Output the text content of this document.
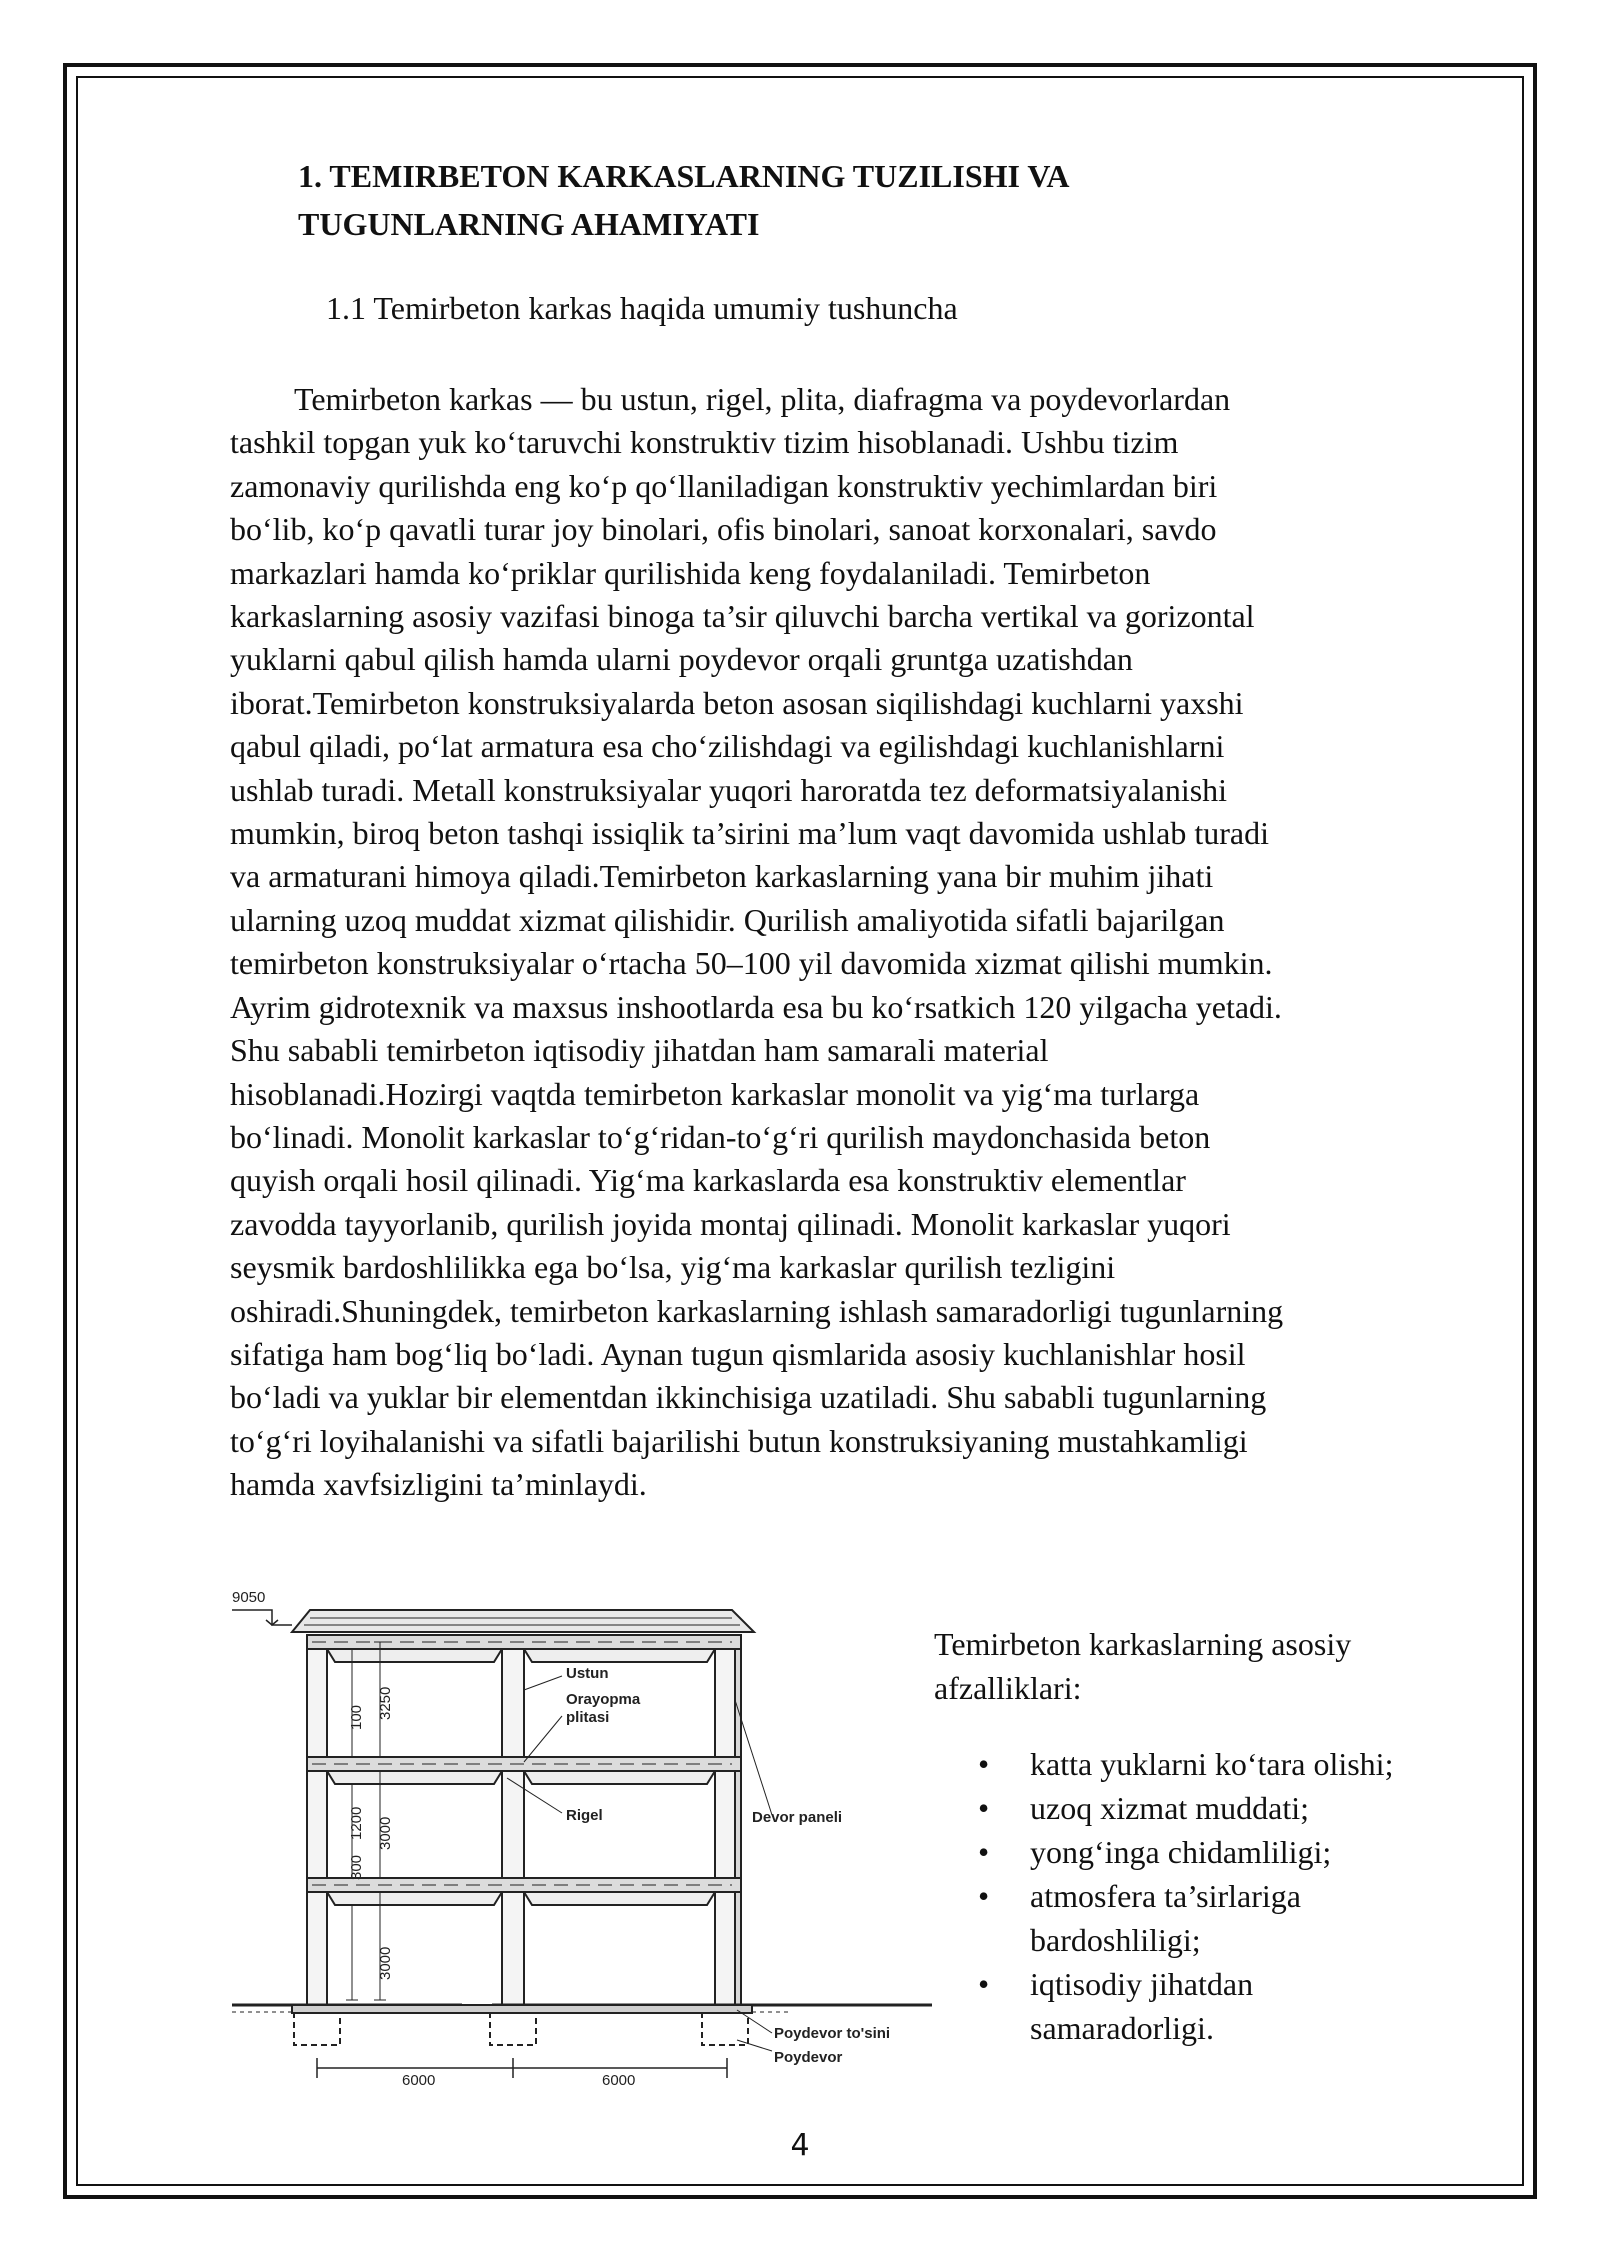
1. TEMIRBETON KARKASLARNING TUZILISHI VA
TUGUNLARNING AHAMIYATI

1.1 Temirbeton karkas haqida umumiy tushuncha

Temirbeton karkas — bu ustun, rigel, plita, diafragma va poydevorlardan
tashkil topgan yuk ko‘taruvchi konstruktiv tizim hisoblanadi. Ushbu tizim
zamonaviy qurilishda eng ko‘p qo‘llaniladigan konstruktiv yechimlardan biri
bo‘lib, ko‘p qavatli turar joy binolari, ofis binolari, sanoat korxonalari, savdo
markazlari hamda ko‘priklar qurilishida keng foydalaniladi. Temirbeton
karkaslarning asosiy vazifasi binoga ta’sir qiluvchi barcha vertikal va gorizontal
yuklarni qabul qilish hamda ularni poydevor orqali gruntga uzatishdan
iborat.Temirbeton konstruksiyalarda beton asosan siqilishdagi kuchlarni yaxshi
qabul qiladi, po‘lat armatura esa cho‘zilishdagi va egilishdagi kuchlanishlarni
ushlab turadi. Metall konstruksiyalar yuqori haroratda tez deformatsiyalanishi
mumkin, biroq beton tashqi issiqlik ta’sirini ma’lum vaqt davomida ushlab turadi
va armaturani himoya qiladi.Temirbeton karkaslarning yana bir muhim jihati
ularning uzoq muddat xizmat qilishidir. Qurilish amaliyotida sifatli bajarilgan
temirbeton konstruksiyalar o‘rtacha 50–100 yil davomida xizmat qilishi mumkin.
Ayrim gidrotexnik va maxsus inshootlarda esa bu ko‘rsatkich 120 yilgacha yetadi.
Shu sababli temirbeton iqtisodiy jihatdan ham samarali material
hisoblanadi.Hozirgi vaqtda temirbeton karkaslar monolit va yig‘ma turlarga
bo‘linadi. Monolit karkaslar to‘g‘ridan-to‘g‘ri qurilish maydonchasida beton
quyish orqali hosil qilinadi. Yig‘ma karkaslarda esa konstruktiv elementlar
zavodda tayyorlanib, qurilish joyida montaj qilinadi. Monolit karkaslar yuqori
seysmik bardoshlilikka ega bo‘lsa, yig‘ma karkaslar qurilish tezligini
oshiradi.Shuningdek, temirbeton karkaslarning ishlash samaradorligi tugunlarning
sifatiga ham bog‘liq bo‘ladi. Aynan tugun qismlarida asosiy kuchlanishlar hosil
bo‘ladi va yuklar bir elementdan ikkinchisiga uzatiladi. Shu sababli tugunlarning
to‘g‘ri loyihalanishi va sifatli bajarilishi butun konstruksiyaning mustahkamligi
hamda xavfsizligini ta’minlaydi.
9050
Ustun
Orayopma
plitasi
Rigel	Devor paneli
Poydevor to'sini
Poydevor
6000	6000
3250
100
3000
1200
300
3000

Temirbeton karkaslarning asosiy
afzalliklari:

• katta yuklarni ko‘tara olishi;
• uzoq xizmat muddati;
• yong‘inga chidamliligi;
• atmosfera ta’sirlariga
bardoshliligi;
• iqtisodiy jihatdan
samaradorligi.
4
